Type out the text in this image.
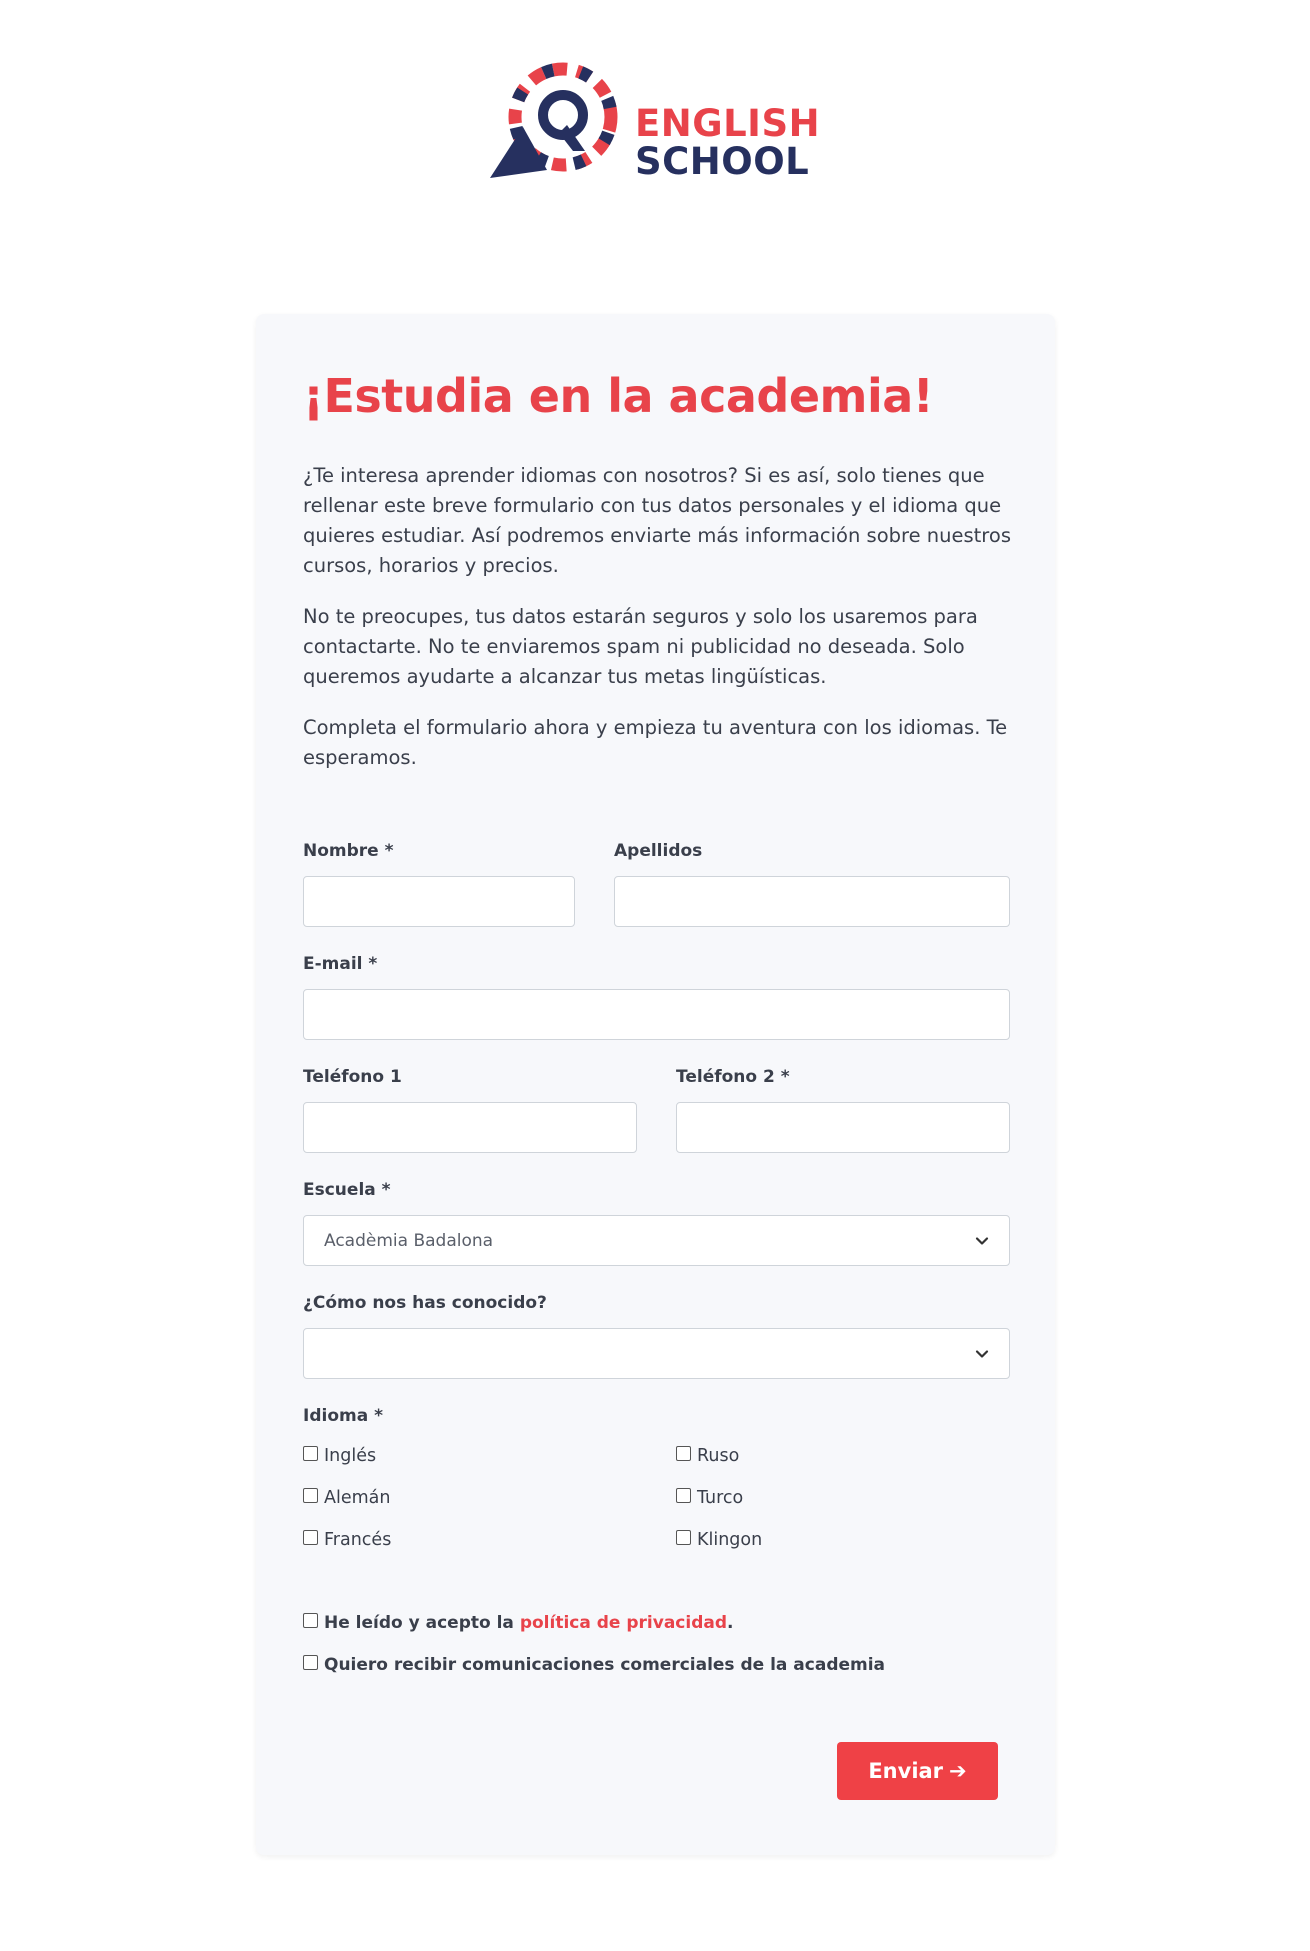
ENGLISH
SCHOOL
¡Estudia en la academia!

¿Te interesa aprender idiomas con nosotros? Si es así, solo tienes que rellenar este breve formulario con tus datos personales y el idioma que quieres estudiar. Así podremos enviarte más información sobre nuestros cursos, horarios y precios.

No te preocupes, tus datos estarán seguros y solo los usaremos para contactarte. No te enviaremos spam ni publicidad no deseada. Solo queremos ayudarte a alcanzar tus metas lingüísticas.

Completa el formulario ahora y empieza tu aventura con los idiomas. Te esperamos.

Nombre *	Apellidos
E-mail *
Teléfono 1	Teléfono 2 *
Escuela *
Acadèmia Badalona
¿Cómo nos has conocido?
Idioma *
Inglés
Alemán
Francés
Ruso
Turco
Klingon
He leído y acepto la política de privacidad.
Quiero recibir comunicaciones comerciales de la academia
Enviar ➔
